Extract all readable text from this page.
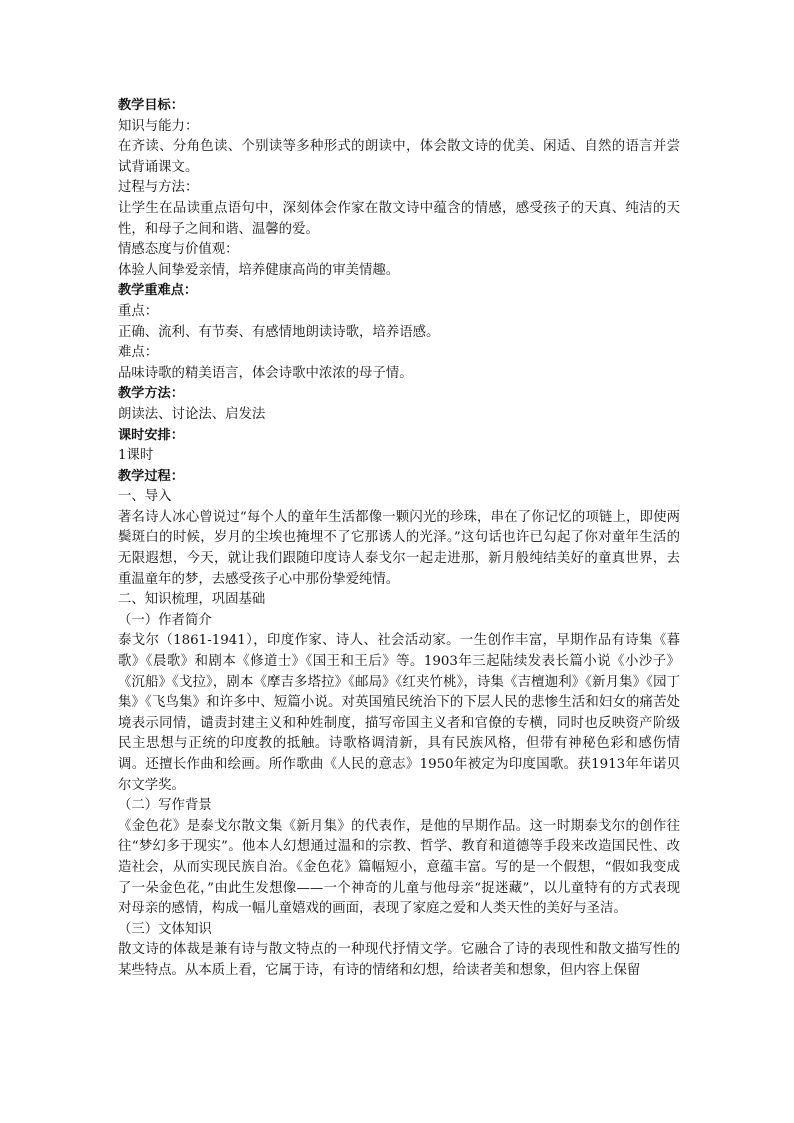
教学目标：

知识与能力：

在齐读、分角色读、个别读等多种形式的朗读中，体会散文诗的优美、闲适、自然的语言并尝试背诵课文。

过程与方法：

让学生在品读重点语句中，深刻体会作家在散文诗中蕴含的情感，感受孩子的天真、纯洁的天性，和母子之间和谐、温馨的爱。

情感态度与价值观：

体验人间挚爱亲情，培养健康高尚的审美情趣。

教学重难点：

重点：

正确、流利、有节奏、有感情地朗读诗歌，培养语感。

难点：

品味诗歌的精美语言，体会诗歌中浓浓的母子情。

教学方法：

朗读法、讨论法、启发法

课时安排：

1课时

教学过程：

一、导入

著名诗人冰心曾说过“每个人的童年生活都像一颗闪光的珍珠，串在了你记忆的项链上，即使两鬓斑白的时候，岁月的尘埃也掩埋不了它那诱人的光泽。”这句话也许已勾起了你对童年生活的无限遐想，今天，就让我们跟随印度诗人泰戈尔一起走进那，新月般纯结美好的童真世界，去重温童年的梦，去感受孩子心中那份挚爱纯情。

二、知识梳理，巩固基础

（一）作者简介

泰戈尔（1861-1941），印度作家、诗人、社会活动家。一生创作丰富，早期作品有诗集《暮歌》《晨歌》和剧本《修道士》《国王和王后》等。1903年三起陆续发表长篇小说《小沙子》《沉船》《戈拉》，剧本《摩吉多塔拉》《邮局》《红夹竹桃》，诗集《吉檀迦利》《新月集》《园丁集》《飞鸟集》和许多中、短篇小说。对英国殖民统治下的下层人民的悲惨生活和妇女的痛苦处境表示同情，谴责封建主义和种姓制度，描写帝国主义者和官僚的专横，同时也反映资产阶级民主思想与正统的印度教的抵触。诗歌格调清新，具有民族风格，但带有神秘色彩和感伤情调。还擅长作曲和绘画。所作歌曲《人民的意志》1950年被定为印度国歌。获1913年年诺贝尔文学奖。

（二）写作背景

《金色花》是泰戈尔散文集《新月集》的代表作，是他的早期作品。这一时期泰戈尔的创作往往“梦幻多于现实”。他本人幻想通过温和的宗教、哲学、教育和道德等手段来改造国民性、改造社会，从而实现民族自治。《金色花》篇幅短小，意蕴丰富。写的是一个假想，“假如我变成了一朵金色花，”由此生发想像——一个神奇的儿童与他母亲“捉迷藏”，以儿童特有的方式表现对母亲的感情，构成一幅儿童嬉戏的画面，表现了家庭之爱和人类天性的美好与圣洁。

（三）文体知识

散文诗的体裁是兼有诗与散文特点的一种现代抒情文学。它融合了诗的表现性和散文描写性的某些特点。从本质上看，它属于诗，有诗的情绪和幻想，给读者美和想象，但内容上保留
